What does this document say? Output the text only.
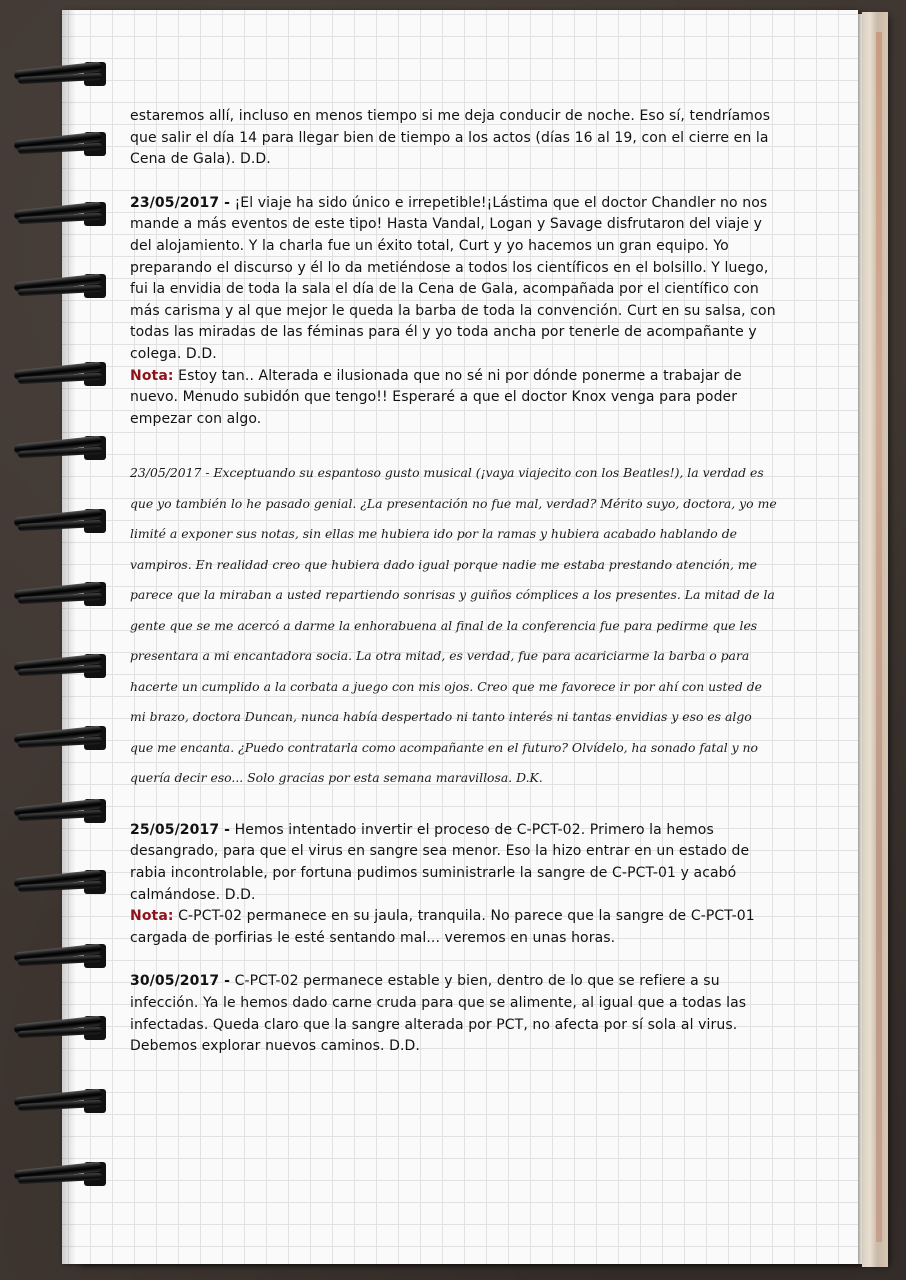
estaremos allí, incluso en menos tiempo si me deja conducir de noche. Eso sí, tendríamos que salir el día 14 para llegar bien de tiempo a los actos (días 16 al 19, con el cierre en la Cena de Gala). D.D.

23/05/2017 - ¡El viaje ha sido único e irrepetible!¡Lástima que el doctor Chandler no nos mande a más eventos de este tipo! Hasta Vandal, Logan y Savage disfrutaron del viaje y del alojamiento. Y la charla fue un éxito total, Curt y yo hacemos un gran equipo. Yo preparando el discurso y él lo da metiéndose a todos los científicos en el bolsillo. Y luego, fui la envidia de toda la sala el día de la Cena de Gala, acompañada por el científico con más carisma y al que mejor le queda la barba de toda la convención. Curt en su salsa, con todas las miradas de las féminas para él y yo toda ancha por tenerle de acompañante y colega. D.D.

Nota: Estoy tan.. Alterada e ilusionada que no sé ni por dónde ponerme a trabajar de nuevo. Menudo subidón que tengo!! Esperaré a que el doctor Knox venga para poder empezar con algo.

23/05/2017 - Exceptuando su espantoso gusto musical (¡vaya viajecito con los Beatles!), la verdad es que yo también lo he pasado genial. ¿La presentación no fue mal, verdad? Mérito suyo, doctora, yo me limité a exponer sus notas, sin ellas me hubiera ido por la ramas y hubiera acabado hablando de vampiros. En realidad creo que hubiera dado igual porque nadie me estaba prestando atención, me parece que la miraban a usted repartiendo sonrisas y guiños cómplices a los presentes. La mitad de la gente que se me acercó a darme la enhorabuena al final de la conferencia fue para pedirme que les presentara a mi encantadora socia. La otra mitad, es verdad, fue para acariciarme la barba o para hacerte un cumplido a la corbata a juego con mis ojos. Creo que me favorece ir por ahí con usted de mi brazo, doctora Duncan, nunca había despertado ni tanto interés ni tantas envidias y eso es algo que me encanta. ¿Puedo contratarla como acompañante en el futuro? Olvídelo, ha sonado fatal y no quería decir eso... Solo gracias por esta semana maravillosa. D.K.

25/05/2017 - Hemos intentado invertir el proceso de C-PCT-02. Primero la hemos desangrado, para que el virus en sangre sea menor. Eso la hizo entrar en un estado de rabia incontrolable, por fortuna pudimos suministrarle la sangre de C-PCT-01 y acabó calmándose. D.D.

Nota: C-PCT-02 permanece en su jaula, tranquila. No parece que la sangre de C-PCT-01 cargada de porfirias le esté sentando mal... veremos en unas horas.

30/05/2017 - C-PCT-02 permanece estable y bien, dentro de lo que se refiere a su infección. Ya le hemos dado carne cruda para que se alimente, al igual que a todas las infectadas. Queda claro que la sangre alterada por PCT, no afecta por sí sola al virus. Debemos explorar nuevos caminos. D.D.
